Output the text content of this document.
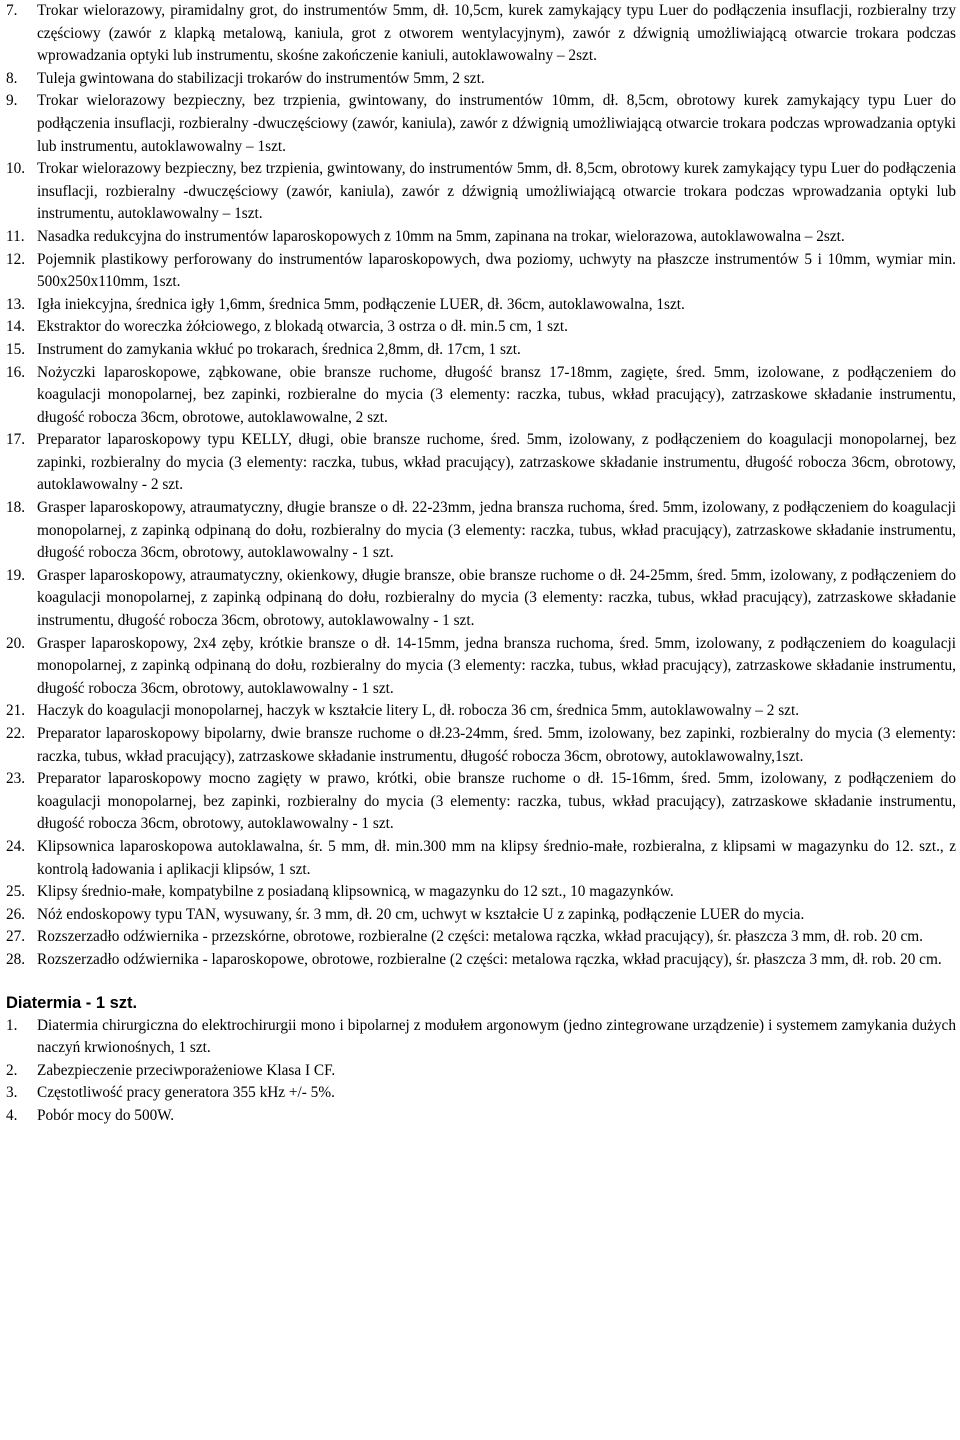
7.	Trokar wielorazowy, piramidalny grot, do instrumentów 5mm, dł. 10,5cm, kurek zamykający typu Luer do podłączenia insuflacji, rozbieralny trzy częściowy (zawór z klapką metalową, kaniula, grot z otworem wentylacyjnym), zawór z dźwignią umożliwiającą otwarcie trokara podczas wprowadzania optyki lub instrumentu, skośne zakończenie kaniuli, autoklawowalny – 2szt.
8.	Tuleja gwintowana do stabilizacji trokarów do instrumentów 5mm, 2 szt.
9.	Trokar wielorazowy bezpieczny, bez trzpienia, gwintowany, do instrumentów 10mm, dł. 8,5cm, obrotowy kurek zamykający typu Luer do podłączenia insuflacji, rozbieralny -dwuczęściowy (zawór, kaniula), zawór z dźwignią umożliwiającą otwarcie trokara podczas wprowadzania optyki lub instrumentu, autoklawowalny – 1szt.
10. Trokar wielorazowy bezpieczny, bez trzpienia, gwintowany, do instrumentów 5mm, dł. 8,5cm, obrotowy kurek zamykający typu Luer do podłączenia insuflacji, rozbieralny -dwuczęściowy (zawór, kaniula), zawór z dźwignią umożliwiającą otwarcie trokara podczas wprowadzania optyki lub instrumentu, autoklawowalny – 1szt.
11. Nasadka redukcyjna do instrumentów laparoskopowych z 10mm na 5mm, zapinana na trokar, wielorazowa, autoklawowalna – 2szt.
12. Pojemnik plastikowy perforowany do instrumentów laparoskopowych, dwa poziomy, uchwyty na płaszcze instrumentów 5 i 10mm, wymiar min. 500x250x110mm, 1szt.
13. Igła iniekcyjna, średnica igły 1,6mm, średnica 5mm, podłączenie LUER, dł. 36cm, autoklawowalna, 1szt.
14. Ekstraktor do woreczka żółciowego, z blokadą otwarcia, 3 ostrza o dł. min.5 cm, 1 szt.
15. Instrument do zamykania wkłuć po trokarach, średnica 2,8mm, dł. 17cm, 1 szt.
16. Nożyczki laparoskopowe, ząbkowane, obie bransze ruchome, długość bransz 17-18mm, zagięte, śred. 5mm, izolowane, z podłączeniem do koagulacji monopolarnej, bez zapinki, rozbieralne do mycia (3 elementy: raczka, tubus, wkład pracujący), zatrzaskowe składanie instrumentu, długość robocza 36cm, obrotowe, autoklawowalne, 2 szt.
17. Preparator laparoskopowy typu KELLY, długi, obie bransze ruchome, śred. 5mm, izolowany, z podłączeniem do koagulacji monopolarnej, bez zapinki, rozbieralny do mycia (3 elementy: raczka, tubus, wkład pracujący), zatrzaskowe składanie instrumentu, długość robocza 36cm, obrotowy, autoklawowalny - 2 szt.
18. Grasper laparoskopowy, atraumatyczny, długie bransze o dł. 22-23mm, jedna bransza ruchoma, śred. 5mm, izolowany, z podłączeniem do koagulacji monopolarnej, z zapinką odpinaną do dołu, rozbieralny do mycia (3 elementy: raczka, tubus, wkład pracujący), zatrzaskowe składanie instrumentu, długość robocza 36cm, obrotowy, autoklawowalny - 1 szt.
19. Grasper laparoskopowy, atraumatyczny, okienkowy, długie bransze, obie bransze ruchome o dł. 24-25mm, śred. 5mm, izolowany, z podłączeniem do koagulacji monopolarnej, z zapinką odpinaną do dołu, rozbieralny do mycia (3 elementy: raczka, tubus, wkład pracujący), zatrzaskowe składanie instrumentu, długość robocza 36cm, obrotowy, autoklawowalny - 1 szt.
20. Grasper laparoskopowy, 2x4 zęby, krótkie bransze o dł. 14-15mm, jedna bransza ruchoma, śred. 5mm, izolowany, z podłączeniem do koagulacji monopolarnej, z zapinką odpinaną do dołu, rozbieralny do mycia (3 elementy: raczka, tubus, wkład pracujący), zatrzaskowe składanie instrumentu, długość robocza 36cm, obrotowy, autoklawowalny - 1 szt.
21. Haczyk do koagulacji monopolarnej, haczyk w kształcie litery L, dł. robocza 36 cm, średnica 5mm, autoklawowalny – 2 szt.
22. Preparator laparoskopowy bipolarny, dwie bransze ruchome o dł.23-24mm, śred. 5mm, izolowany, bez zapinki, rozbieralny do mycia (3 elementy: raczka, tubus, wkład pracujący), zatrzaskowe składanie instrumentu, długość robocza 36cm, obrotowy, autoklawowalny,1szt.
23. Preparator laparoskopowy mocno zagięty w prawo, krótki, obie bransze ruchome o dł. 15-16mm, śred. 5mm, izolowany, z podłączeniem do koagulacji monopolarnej, bez zapinki, rozbieralny do mycia (3 elementy: raczka, tubus, wkład pracujący), zatrzaskowe składanie instrumentu, długość robocza 36cm, obrotowy, autoklawowalny - 1 szt.
24. Klipsownica laparoskopowa autoklawalna, śr. 5 mm, dł. min.300 mm na klipsy średnio-małe, rozbieralna, z klipsami w magazynku do 12. szt., z kontrolą ładowania i aplikacji klipsów, 1 szt.
25. Klipsy średnio-małe, kompatybilne z posiadaną klipsownicą, w magazynku do 12 szt., 10 magazynków.
26. Nóż endoskopowy typu TAN, wysuwany, śr. 3 mm, dł. 20 cm, uchwyt w kształcie U z zapinką, podłączenie LUER do mycia.
27. Rozszerzadło odźwiernika - przezskórne, obrotowe, rozbieralne (2 części: metalowa rączka, wkład pracujący), śr. płaszcza 3 mm, dł. rob. 20 cm.
28. Rozszerzadło odźwiernika - laparoskopowe, obrotowe, rozbieralne (2 części: metalowa rączka, wkład pracujący), śr. płaszcza 3 mm, dł. rob. 20 cm.
Diatermia - 1 szt.
1.	Diatermia chirurgiczna do elektrochirurgii mono i bipolarnej z modułem argonowym (jedno zintegrowane urządzenie) i systemem zamykania dużych naczyń krwionośnych, 1 szt.
2.	Zabezpieczenie przeciwporażeniowe Klasa I CF.
3.	Częstotliwość pracy generatora 355 kHz +/- 5%.
4.	Pobór mocy do 500W.
